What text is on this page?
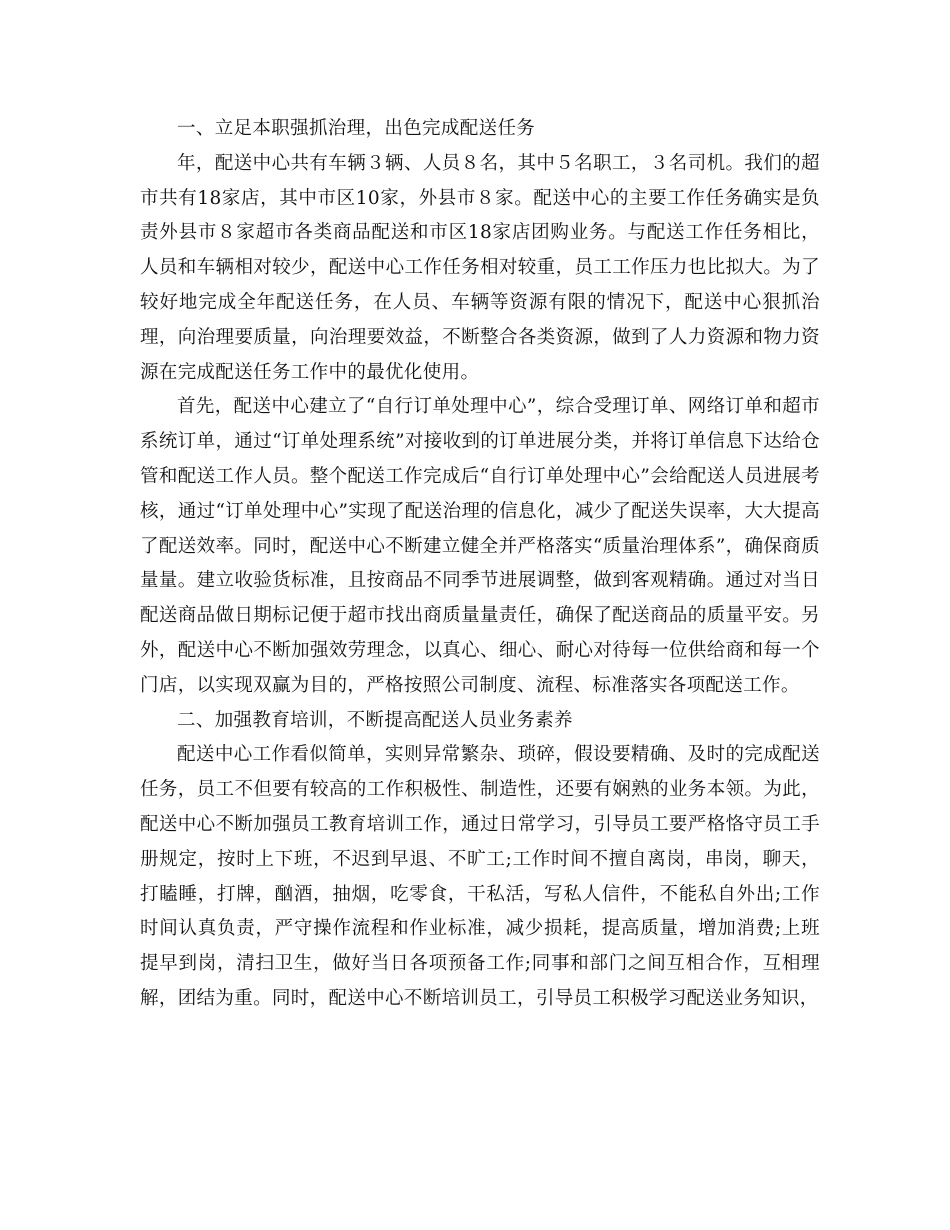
一、立足本职强抓治理，出色完成配送任务

年，配送中心共有车辆３辆、人员８名，其中５名职工，３名司机。我们的超市共有18家店，其中市区10家，外县市８家。配送中心的主要工作任务确实是负责外县市８家超市各类商品配送和市区18家店团购业务。与配送工作任务相比，人员和车辆相对较少，配送中心工作任务相对较重，员工工作压力也比拟大。为了较好地完成全年配送任务，在人员、车辆等资源有限的情况下，配送中心狠抓治理，向治理要质量，向治理要效益，不断整合各类资源，做到了人力资源和物力资源在完成配送任务工作中的最优化使用。

首先，配送中心建立了“自行订单处理中心”，综合受理订单、网络订单和超市系统订单，通过“订单处理系统”对接收到的订单进展分类，并将订单信息下达给仓管和配送工作人员。整个配送工作完成后“自行订单处理中心”会给配送人员进展考核，通过“订单处理中心”实现了配送治理的信息化，减少了配送失误率，大大提高了配送效率。同时，配送中心不断建立健全并严格落实“质量治理体系”，确保商质量量。建立收验货标准，且按商品不同季节进展调整，做到客观精确。通过对当日配送商品做日期标记便于超市找出商质量量责任，确保了配送商品的质量平安。另外，配送中心不断加强效劳理念，以真心、细心、耐心对待每一位供给商和每一个门店，以实现双赢为目的，严格按照公司制度、流程、标准落实各项配送工作。

二、加强教育培训，不断提高配送人员业务素养

配送中心工作看似简单，实则异常繁杂、琐碎，假设要精确、及时的完成配送任务，员工不但要有较高的工作积极性、制造性，还要有娴熟的业务本领。为此，配送中心不断加强员工教育培训工作，通过日常学习，引导员工要严格恪守员工手册规定，按时上下班，不迟到早退、不旷工;工作时间不擅自离岗，串岗，聊天，打瞌睡，打牌，酗酒，抽烟，吃零食，干私活，写私人信件，不能私自外出;工作时间认真负责，严守操作流程和作业标准，减少损耗，提高质量，增加消费;上班提早到岗，清扫卫生，做好当日各项预备工作;同事和部门之间互相合作，互相理解，团结为重。同时，配送中心不断培训员工，引导员工积极学习配送业务知识，
